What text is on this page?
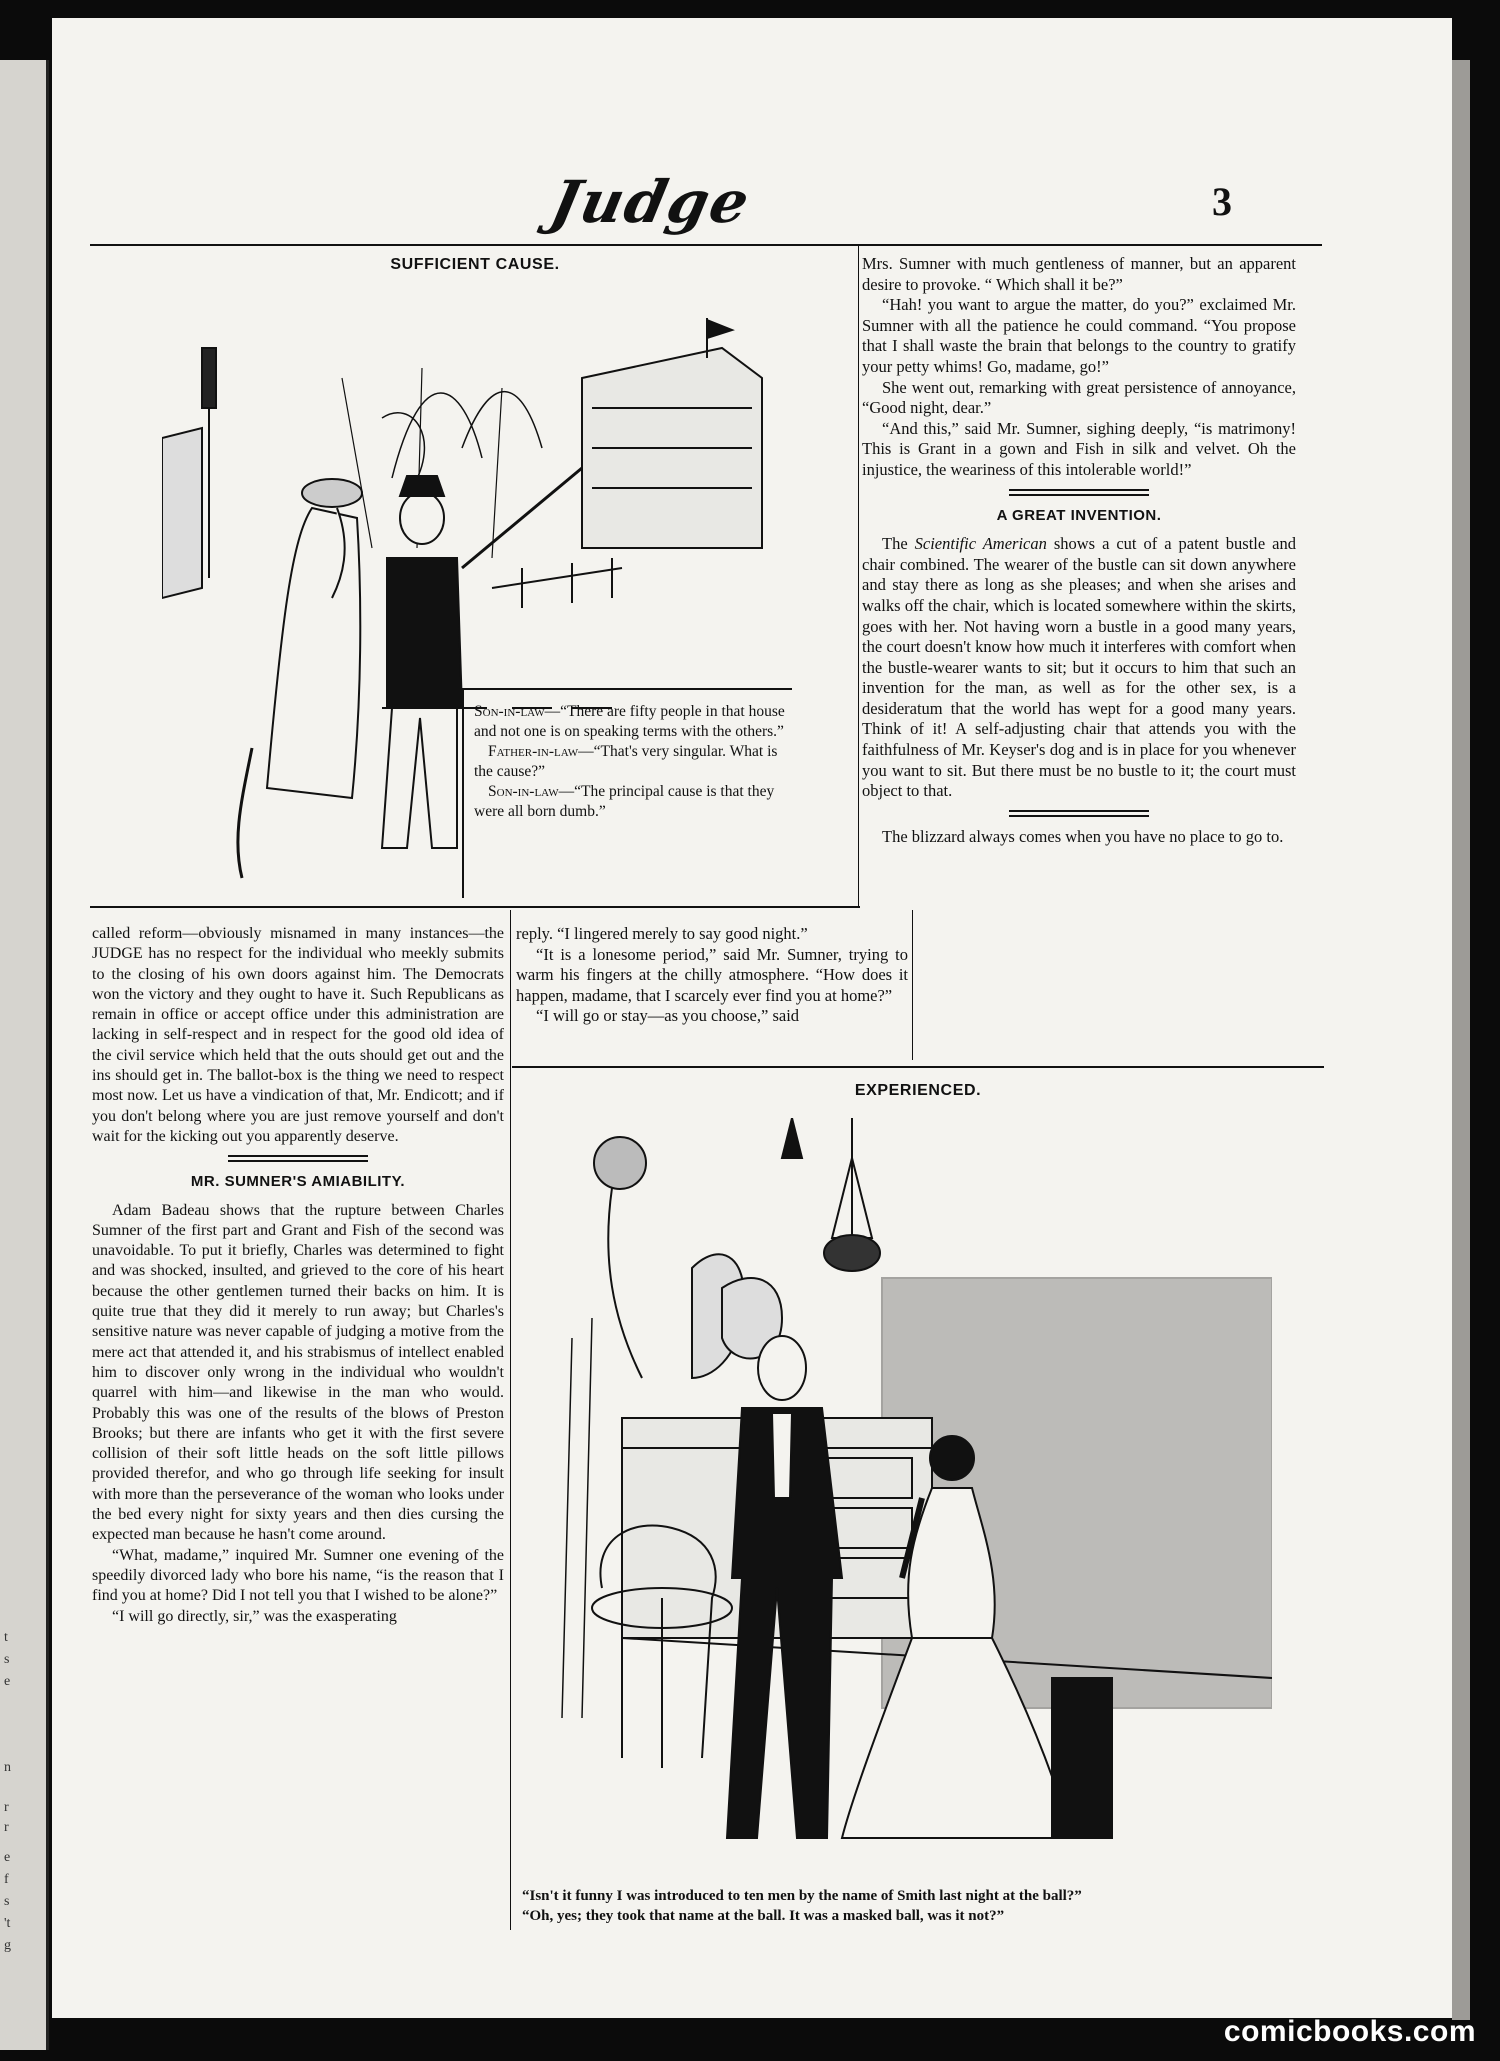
t
s
e
n
r
r
e
f
s
't
g
Judge	3
SUFFICIENT CAUSE.

Son-in-law—“There are fifty people in that house and not one is on speaking terms with the others.”

Father-in-law—“That's very singular. What is the cause?”

Son-in-law—“The principal cause is that they were all born dumb.”

Mrs. Sumner with much gentleness of manner, but an apparent desire to provoke. “ Which shall it be?”

“Hah! you want to argue the matter, do you?” exclaimed Mr. Sumner with all the patience he could command. “You propose that I shall waste the brain that belongs to the country to gratify your petty whims! Go, madame, go!”

She went out, remarking with great persistence of annoyance, “Good night, dear.”

“And this,” said Mr. Sumner, sighing deeply, “is matrimony! This is Grant in a gown and Fish in silk and velvet. Oh the injustice, the weariness of this intolerable world!”

A GREAT INVENTION.

The Scientific American shows a cut of a patent bustle and chair combined. The wearer of the bustle can sit down anywhere and stay there as long as she pleases; and when she arises and walks off the chair, which is located somewhere within the skirts, goes with her. Not having worn a bustle in a good many years, the court doesn't know how much it interferes with comfort when the bustle-wearer wants to sit; but it occurs to him that such an invention for the man, as well as for the other sex, is a desideratum that the world has wept for a good many years. Think of it! A self-adjusting chair that attends you with the faithfulness of Mr. Keyser's dog and is in place for you whenever you want to sit. But there must be no bustle to it; the court must object to that.

The blizzard always comes when you have no place to go to.

called reform—obviously misnamed in many instances—the JUDGE has no respect for the individual who meekly submits to the closing of his own doors against him. The Democrats won the victory and they ought to have it. Such Republicans as remain in office or accept office under this administration are lacking in self-respect and in respect for the good old idea of the civil service which held that the outs should get out and the ins should get in. The ballot-box is the thing we need to respect most now. Let us have a vindication of that, Mr. Endicott; and if you don't belong where you are just remove yourself and don't wait for the kicking out you apparently deserve.

MR. SUMNER'S AMIABILITY.

Adam Badeau shows that the rupture between Charles Sumner of the first part and Grant and Fish of the second was unavoidable. To put it briefly, Charles was determined to fight and was shocked, insulted, and grieved to the core of his heart because the other gentlemen turned their backs on him. It is quite true that they did it merely to run away; but Charles's sensitive nature was never capable of judging a motive from the mere act that attended it, and his strabismus of intellect enabled him to discover only wrong in the individual who wouldn't quarrel with him—and likewise in the man who would. Probably this was one of the results of the blows of Preston Brooks; but there are infants who get it with the first severe collision of their soft little heads on the soft little pillows provided therefor, and who go through life seeking for insult with more than the perseverance of the woman who looks under the bed every night for sixty years and then dies cursing the expected man because he hasn't come around.

“What, madame,” inquired Mr. Sumner one evening of the speedily divorced lady who bore his name, “is the reason that I find you at home? Did I not tell you that I wished to be alone?”

“I will go directly, sir,” was the exasperating

reply. “I lingered merely to say good night.”

“It is a lonesome period,” said Mr. Sumner, trying to warm his fingers at the chilly atmosphere. “How does it happen, madame, that I scarcely ever find you at home?”

“I will go or stay—as you choose,” said

EXPERIENCED.

“Isn't it funny I was introduced to ten men by the name of Smith last night at the ball?”

“Oh, yes; they took that name at the ball. It was a masked ball, was it not?”

comicbooks.com
